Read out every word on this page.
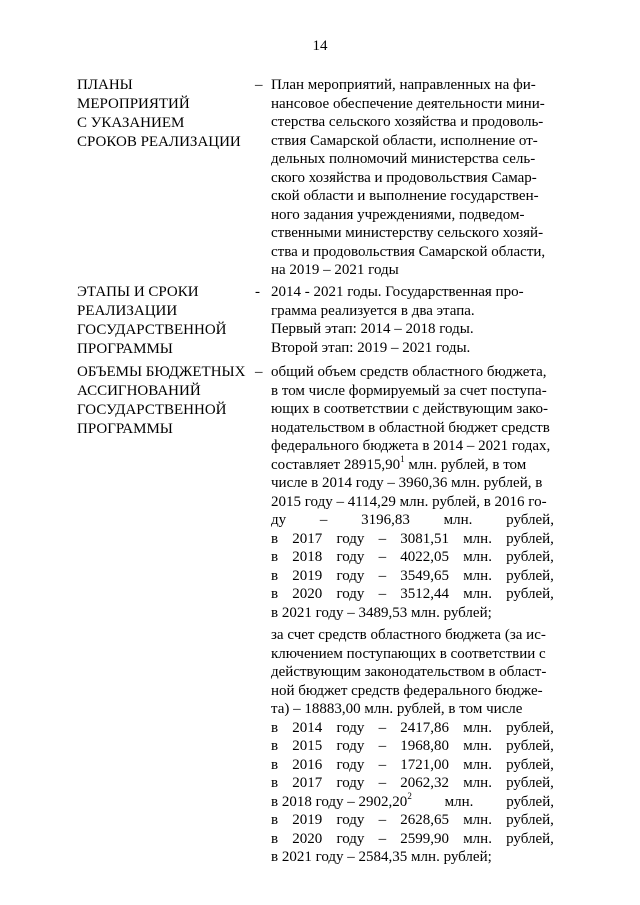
14
ПЛАНЫ
МЕРОПРИЯТИЙ
С УКАЗАНИЕМ
СРОКОВ РЕАЛИЗАЦИИ
– План мероприятий, направленных на фи-
нансовое обеспечение деятельности мини-
стерства сельского хозяйства и продоволь-
ствия Самарской области, исполнение от-
дельных полномочий министерства сель-
ского хозяйства и продовольствия Самар-
ской области и выполнение государствен-
ного задания учреждениями, подведом-
ственными министерству сельского хозяй-
ства и продовольствия Самарской области,
на 2019 – 2021 годы
ЭТАПЫ И СРОКИ
РЕАЛИЗАЦИИ
ГОСУДАРСТВЕННОЙ
ПРОГРАММЫ
- 2014 - 2021 годы. Государственная про-
грамма реализуется в два этапа.
Первый этап: 2014 – 2018 годы.
Второй этап: 2019 – 2021 годы.
ОБЪЕМЫ БЮДЖЕТНЫХ
АССИГНОВАНИЙ
ГОСУДАРСТВЕННОЙ
ПРОГРАММЫ
– общий объем средств областного бюджета,
в том числе формируемый за счет поступа-
ющих в соответствии с действующим зако-
нодательством в областной бюджет средств
федерального бюджета в 2014 – 2021 годах,
составляет 28915,90$^1$ млн. рублей, в том
числе в 2014 году – 3960,36 млн. рублей, в
2015 году – 4114,29 млн. рублей, в 2016 го-
ду – 3196,83 млн. рублей,
в 2017 году – 3081,51 млн. рублей,
в 2018 году – 4022,05 млн. рублей,
в 2019 году – 3549,65 млн. рублей,
в 2020 году – 3512,44 млн. рублей,
в 2021 году – 3489,53 млн. рублей;
за счет средств областного бюджета (за ис-
ключением поступающих в соответствии с
действующим законодательством в област-
ной бюджет средств федерального бюдже-
та) – 18883,00 млн. рублей, в том числе
в 2014 году – 2417,86 млн. рублей,
в 2015 году – 1968,80 млн. рублей,
в 2016 году – 1721,00 млн. рублей,
в 2017 году – 2062,32 млн. рублей,
в 2018 году – 2902,20$^2$ млн. рублей,
в 2019 году – 2628,65 млн. рублей,
в 2020 году – 2599,90 млн. рублей,
в 2021 году – 2584,35 млн. рублей;
